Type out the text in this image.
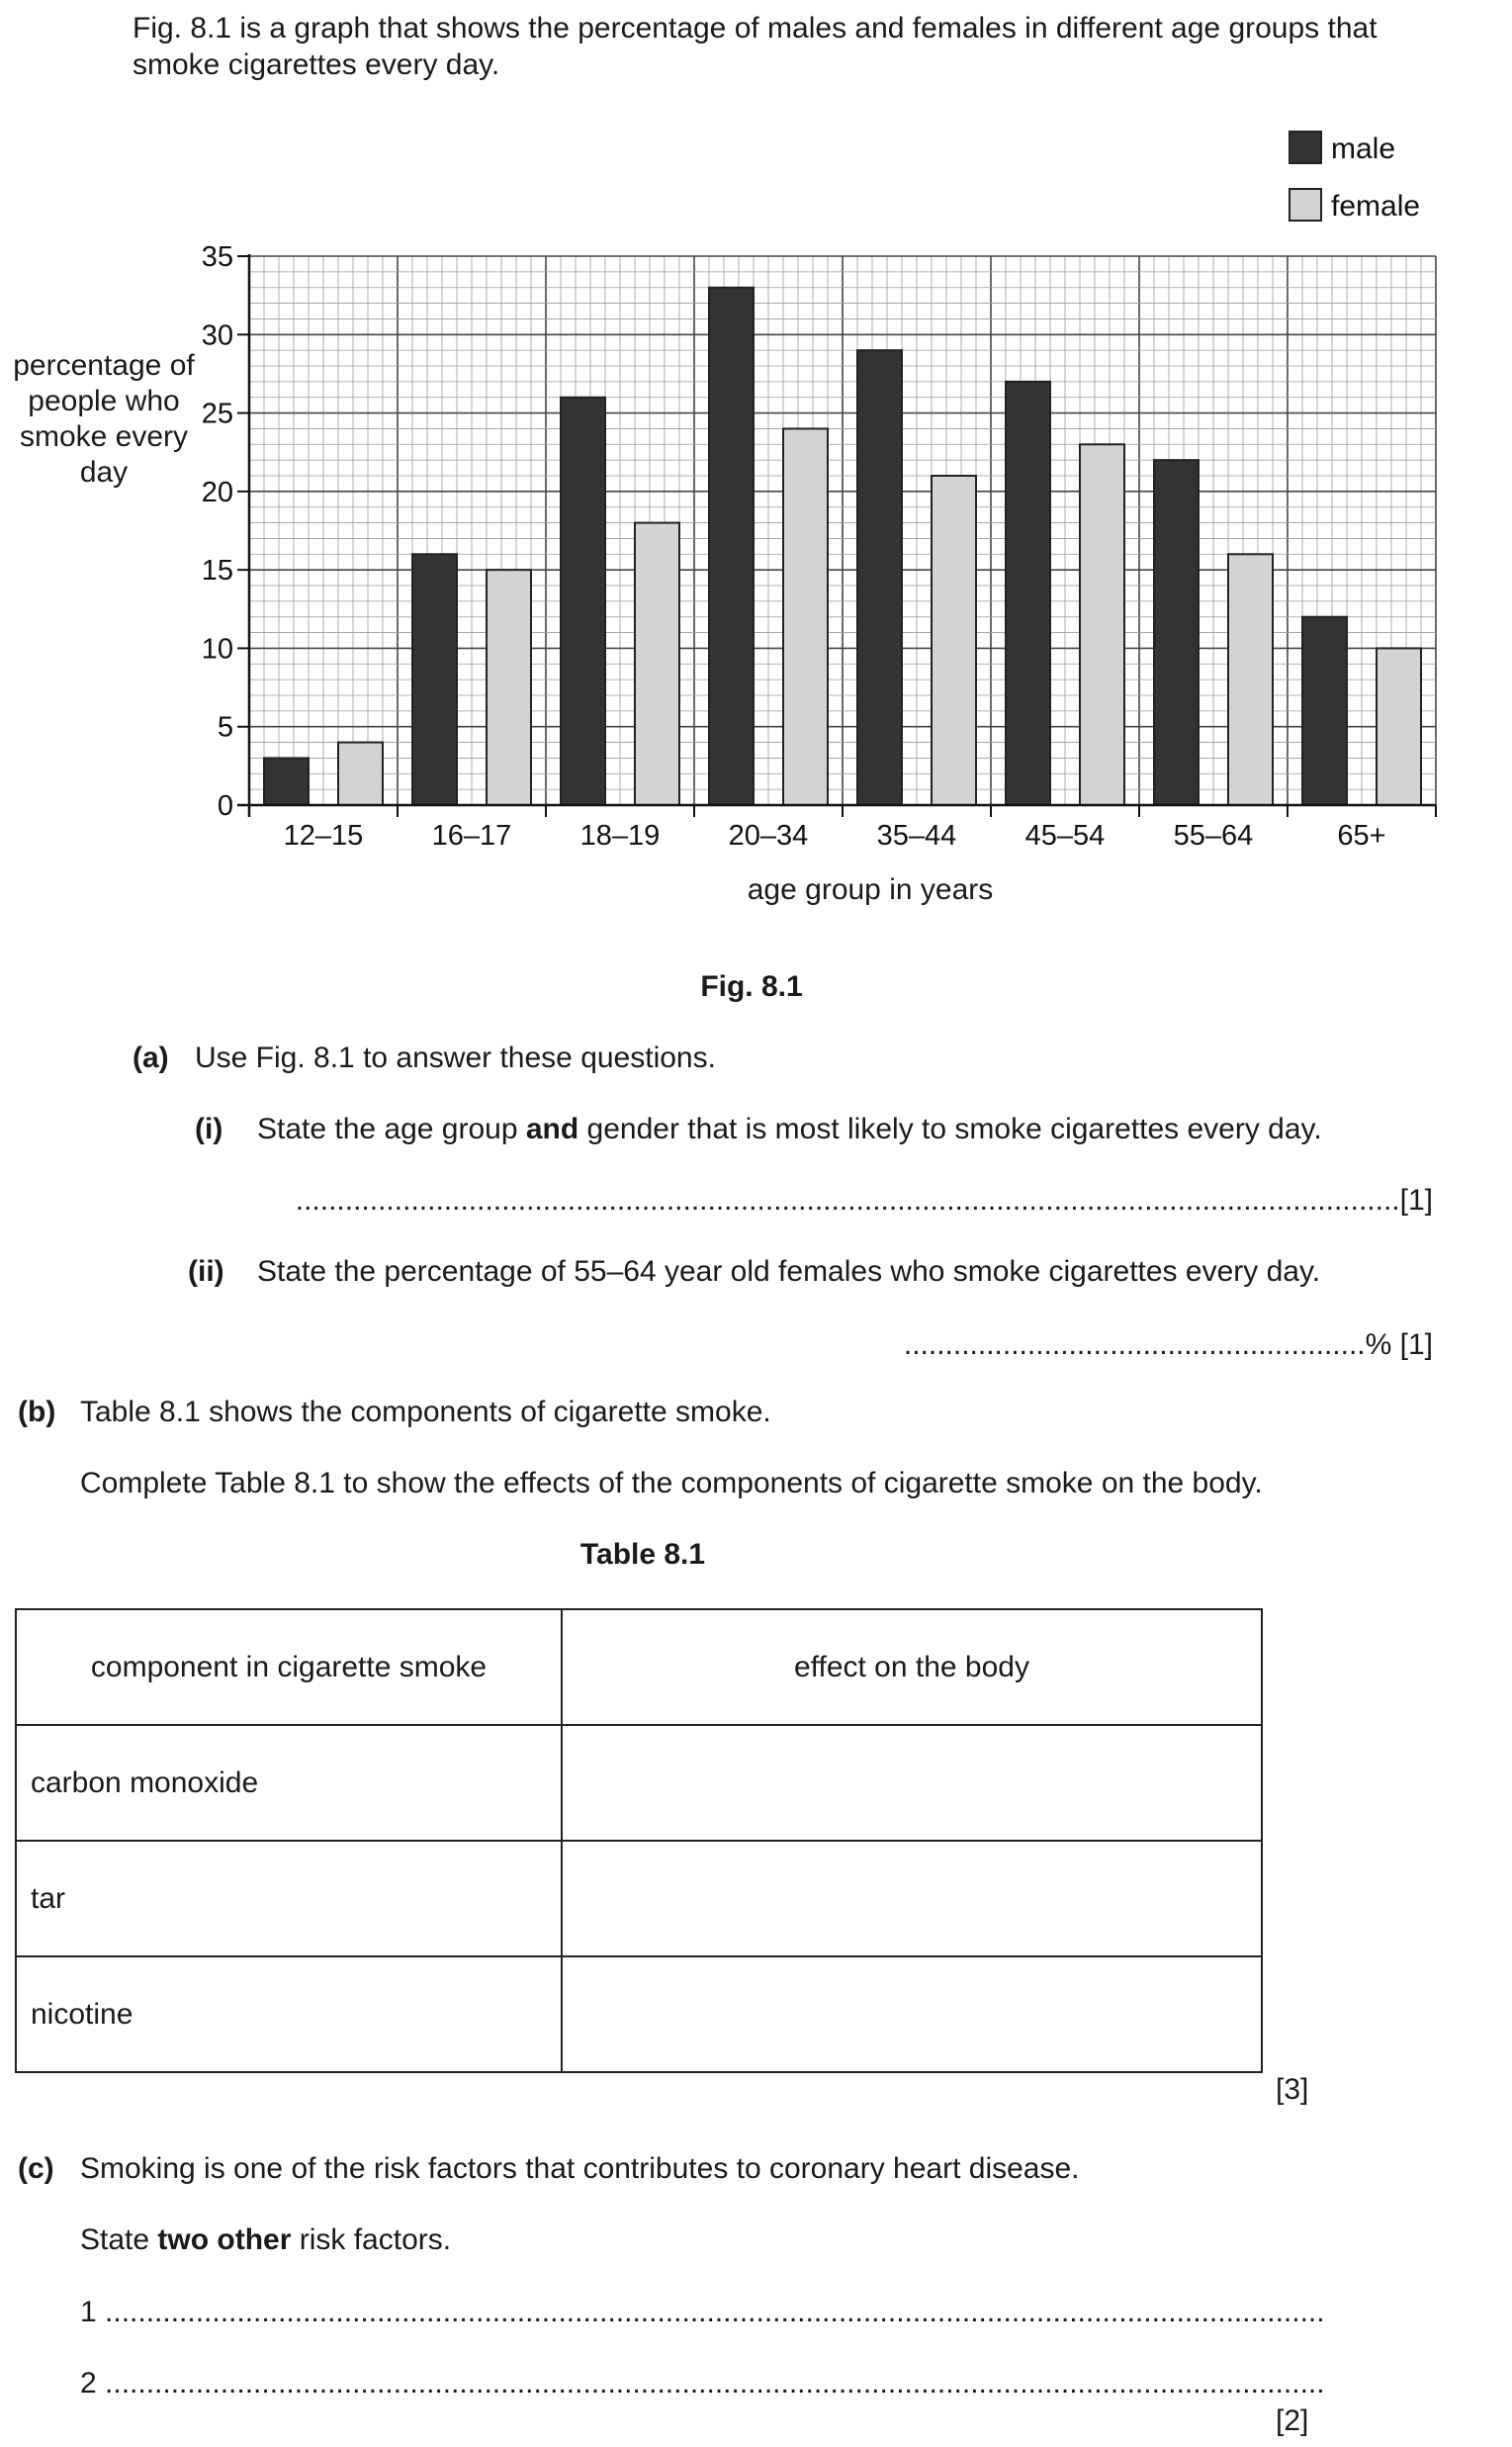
Fig. 8.1 is a graph that shows the percentage of males and females in different age groups that smoke cigarettes every day.
0
5
10
15
20
25
30
35
12–15 16–17 18–19 20–34 35–44 45–54 55–64	65+
male
female
percentage of
people who
smoke every
day
age group in years
Fig. 8.1
(a) Use Fig. 8.1 to answer these questions.
(i) State the age group and gender that is most likely to smoke cigarettes every day.
......................................................................................................................................[1]
(ii) State the percentage of 55–64 year old females who smoke cigarettes every day.
........................................................% [1]
(b) Table 8.1 shows the components of cigarette smoke.
Complete Table 8.1 to show the effects of the components of cigarette smoke on the body.
Table 8.1
component in cigarette smoke	effect on the body
carbon monoxide	
tar	
nicotine	
[3]
(c) Smoking is one of the risk factors that contributes to coronary heart disease.
State two other risk factors.
1 ....................................................................................................................................................
2 ....................................................................................................................................................
[2]
